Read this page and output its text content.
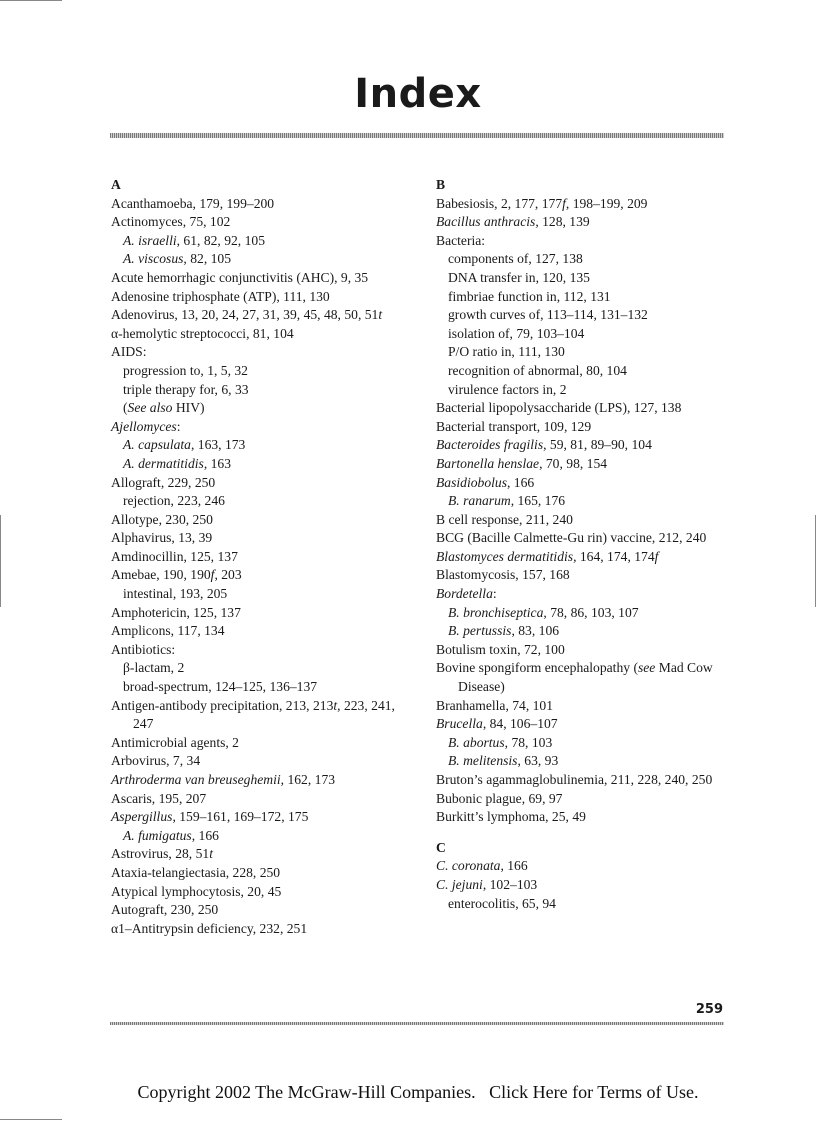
Index
A
Acanthamoeba, 179, 199–200
Actinomyces, 75, 102
A. israelli, 61, 82, 92, 105
A. viscosus, 82, 105
Acute hemorrhagic conjunctivitis (AHC), 9, 35
Adenosine triphosphate (ATP), 111, 130
Adenovirus, 13, 20, 24, 27, 31, 39, 45, 48, 50, 51t
α-hemolytic streptococci, 81, 104
AIDS:
progression to, 1, 5, 32
triple therapy for, 6, 33
(See also HIV)
Ajellomyces:
A. capsulata, 163, 173
A. dermatitidis, 163
Allograft, 229, 250
rejection, 223, 246
Allotype, 230, 250
Alphavirus, 13, 39
Amdinocillin, 125, 137
Amebae, 190, 190f, 203
intestinal, 193, 205
Amphotericin, 125, 137
Amplicons, 117, 134
Antibiotics:
β-lactam, 2
broad-spectrum, 124–125, 136–137
Antigen-antibody precipitation, 213, 213t, 223, 241, 247
Antimicrobial agents, 2
Arbovirus, 7, 34
Arthroderma van breuseghemii, 162, 173
Ascaris, 195, 207
Aspergillus, 159–161, 169–172, 175
A. fumigatus, 166
Astrovirus, 28, 51t
Ataxia-telangiectasia, 228, 250
Atypical lymphocytosis, 20, 45
Autograft, 230, 250
α1–Antitrypsin deficiency, 232, 251
B
Babesiosis, 2, 177, 177f, 198–199, 209
Bacillus anthracis, 128, 139
Bacteria:
components of, 127, 138
DNA transfer in, 120, 135
fimbriae function in, 112, 131
growth curves of, 113–114, 131–132
isolation of, 79, 103–104
P/O ratio in, 111, 130
recognition of abnormal, 80, 104
virulence factors in, 2
Bacterial lipopolysaccharide (LPS), 127, 138
Bacterial transport, 109, 129
Bacteroides fragilis, 59, 81, 89–90, 104
Bartonella henslae, 70, 98, 154
Basidiobolus, 166
B. ranarum, 165, 176
B cell response, 211, 240
BCG (Bacille Calmette-Gu rin) vaccine, 212, 240
Blastomyces dermatitidis, 164, 174, 174f
Blastomycosis, 157, 168
Bordetella:
B. bronchiseptica, 78, 86, 103, 107
B. pertussis, 83, 106
Botulism toxin, 72, 100
Bovine spongiform encephalopathy (see Mad Cow Disease)
Branhamella, 74, 101
Brucella, 84, 106–107
B. abortus, 78, 103
B. melitensis, 63, 93
Bruton’s agammaglobulinemia, 211, 228, 240, 250
Bubonic plague, 69, 97
Burkitt’s lymphoma, 25, 49
C
C. coronata, 166
C. jejuni, 102–103
enterocolitis, 65, 94
259
Copyright 2002 The McGraw-Hill Companies. Click Here for Terms of Use.
